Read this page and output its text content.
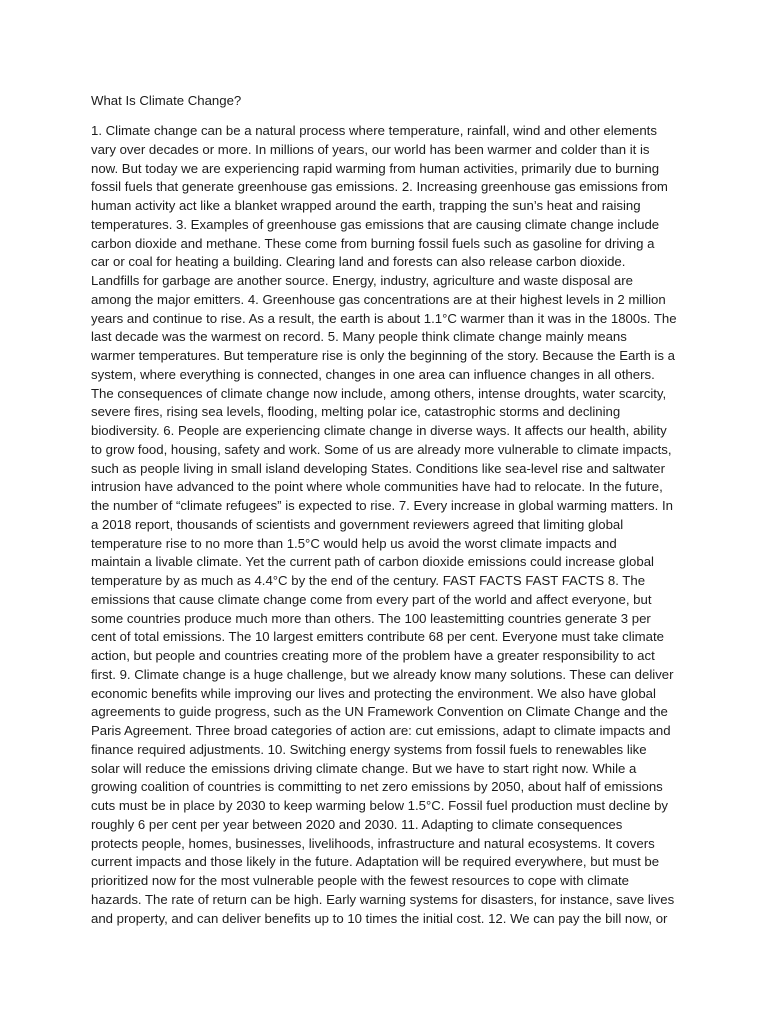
What Is Climate Change?
1. Climate change can be a natural process where temperature, rainfall, wind and other elements
vary over decades or more. In millions of years, our world has been warmer and colder than it is
now. But today we are experiencing rapid warming from human activities, primarily due to burning
fossil fuels that generate greenhouse gas emissions. 2. Increasing greenhouse gas emissions from
human activity act like a blanket wrapped around the earth, trapping the sun’s heat and raising
temperatures. 3. Examples of greenhouse gas emissions that are causing climate change include
carbon dioxide and methane. These come from burning fossil fuels such as gasoline for driving a
car or coal for heating a building. Clearing land and forests can also release carbon dioxide.
Landfills for garbage are another source. Energy, industry, agriculture and waste disposal are
among the major emitters. 4. Greenhouse gas concentrations are at their highest levels in 2 million
years and continue to rise. As a result, the earth is about 1.1°C warmer than it was in the 1800s. The
last decade was the warmest on record. 5. Many people think climate change mainly means
warmer temperatures. But temperature rise is only the beginning of the story. Because the Earth is a
system, where everything is connected, changes in one area can influence changes in all others.
The consequences of climate change now include, among others, intense droughts, water scarcity,
severe fires, rising sea levels, flooding, melting polar ice, catastrophic storms and declining
biodiversity. 6. People are experiencing climate change in diverse ways. It affects our health, ability
to grow food, housing, safety and work. Some of us are already more vulnerable to climate impacts,
such as people living in small island developing States. Conditions like sea-level rise and saltwater
intrusion have advanced to the point where whole communities have had to relocate. In the future,
the number of “climate refugees” is expected to rise. 7. Every increase in global warming matters. In
a 2018 report, thousands of scientists and government reviewers agreed that limiting global
temperature rise to no more than 1.5°C would help us avoid the worst climate impacts and
maintain a livable climate. Yet the current path of carbon dioxide emissions could increase global
temperature by as much as 4.4°C by the end of the century. FAST FACTS FAST FACTS 8. The
emissions that cause climate change come from every part of the world and affect everyone, but
some countries produce much more than others. The 100 leastemitting countries generate 3 per
cent of total emissions. The 10 largest emitters contribute 68 per cent. Everyone must take climate
action, but people and countries creating more of the problem have a greater responsibility to act
first. 9. Climate change is a huge challenge, but we already know many solutions. These can deliver
economic benefits while improving our lives and protecting the environment. We also have global
agreements to guide progress, such as the UN Framework Convention on Climate Change and the
Paris Agreement. Three broad categories of action are: cut emissions, adapt to climate impacts and
finance required adjustments. 10. Switching energy systems from fossil fuels to renewables like
solar will reduce the emissions driving climate change. But we have to start right now. While a
growing coalition of countries is committing to net zero emissions by 2050, about half of emissions
cuts must be in place by 2030 to keep warming below 1.5°C. Fossil fuel production must decline by
roughly 6 per cent per year between 2020 and 2030. 11. Adapting to climate consequences
protects people, homes, businesses, livelihoods, infrastructure and natural ecosystems. It covers
current impacts and those likely in the future. Adaptation will be required everywhere, but must be
prioritized now for the most vulnerable people with the fewest resources to cope with climate
hazards. The rate of return can be high. Early warning systems for disasters, for instance, save lives
and property, and can deliver benefits up to 10 times the initial cost. 12. We can pay the bill now, or
